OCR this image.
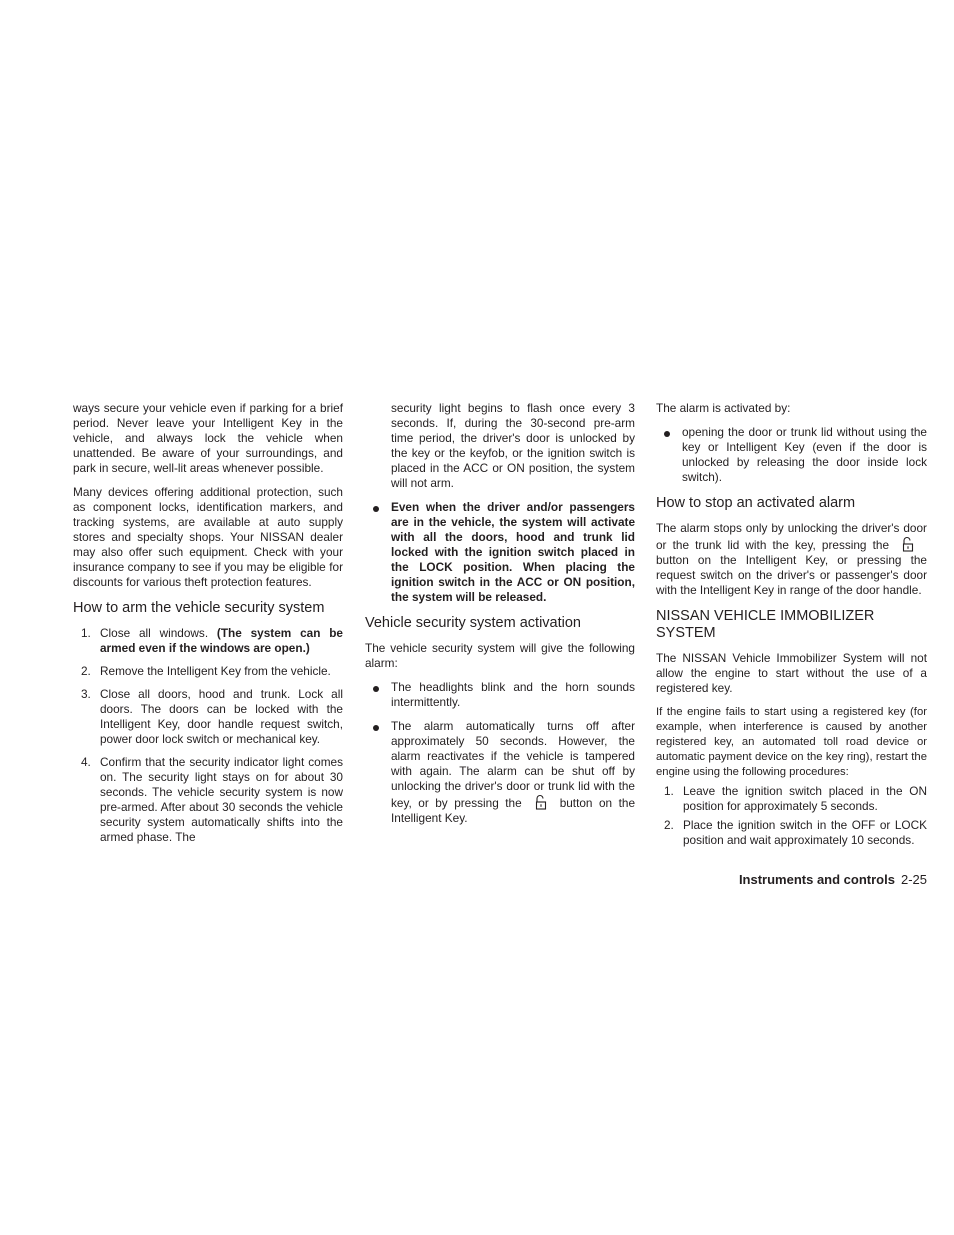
ways secure your vehicle even if parking for a brief period. Never leave your Intelligent Key in the vehicle, and always lock the vehicle when unattended. Be aware of your surroundings, and park in secure, well-lit areas whenever possible.

Many devices offering additional protection, such as component locks, identification markers, and tracking systems, are available at auto supply stores and specialty shops. Your NISSAN dealer may also offer such equipment. Check with your insurance company to see if you may be eligible for discounts for various theft protection features.

How to arm the vehicle security system
1. Close all windows. (The system can be armed even if the windows are open.)
2. Remove the Intelligent Key from the vehicle.
3. Close all doors, hood and trunk. Lock all doors. The doors can be locked with the Intelligent Key, door handle request switch, power door lock switch or mechanical key.
4. Confirm that the security indicator light comes on. The security light stays on for about 30 seconds. The vehicle security system is now pre-armed. After about 30 seconds the vehicle security system automatically shifts into the armed phase. The

security light begins to flash once every 3 seconds. If, during the 30-second pre-arm time period, the driver's door is unlocked by the key or the keyfob, or the ignition switch is placed in the ACC or ON position, the system will not arm.

Even when the driver and/or passengers are in the vehicle, the system will activate with all the doors, hood and trunk lid locked with the ignition switch placed in the LOCK position. When placing the ignition switch in the ACC or ON position, the system will be released.
Vehicle security system activation

The vehicle security system will give the following alarm:

The headlights blink and the horn sounds intermittently.
The alarm automatically turns off after approximately 50 seconds. However, the alarm reactivates if the vehicle is tampered with again. The alarm can be shut off by unlocking the driver's door or trunk lid with the key, or by pressing the	button on the Intelligent Key.

The alarm is activated by:

opening the door or trunk lid without using the key or Intelligent Key (even if the door is unlocked by releasing the door inside lock switch).
How to stop an activated alarm

The alarm stops only by unlocking the driver's door or the trunk lid with the key, pressing thebutton on the Intelligent Key, or pressing the request switch on the driver's or passenger's door with the Intelligent Key in range of the door handle.

NISSAN VEHICLE IMMOBILIZER SYSTEM

The NISSAN Vehicle Immobilizer System will not allow the engine to start without the use of a registered key.

If the engine fails to start using a registered key (for example, when interference is caused by another registered key, an automated toll road device or automatic payment device on the key ring), restart the engine using the following procedures:

1. Leave the ignition switch placed in the ON position for approximately 5 seconds.
2. Place the ignition switch in the OFF or LOCK position and wait approximately 10 seconds.
Instruments and controls 2-25
